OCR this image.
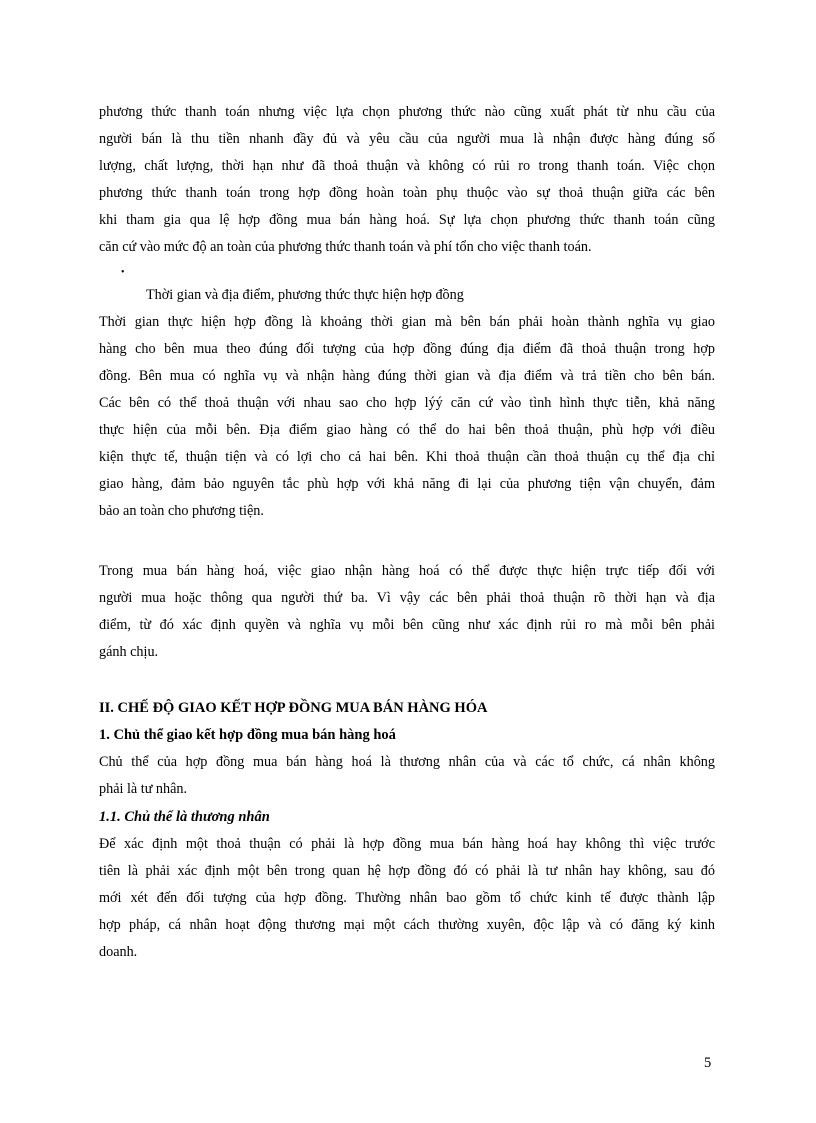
phương thức thanh toán nhưng việc lựa chọn phương thức nào cũng xuất phát từ nhu cầu của
người bán là thu tiền nhanh đầy đủ và yêu cầu của người mua là nhận được hàng đúng số
lượng, chất lượng, thời hạn như đã thoả thuận và không có rủi ro trong thanh toán. Việc chọn
phương thức thanh toán trong hợp đồng hoàn toàn phụ thuộc vào sự thoả thuận giữa các bên
khi tham gia qua lệ hợp đồng mua bán hàng hoá. Sự lựa chọn phương thức thanh toán cũng
căn cứ vào mức độ an toàn của phương thức thanh toán và phí tổn cho việc thanh toán.
•
Thời gian và địa điểm, phương thức thực hiện hợp đồng
Thời gian thực hiện hợp đồng là khoảng thời gian mà bên bán phải hoàn thành nghĩa vụ giao
hàng cho bên mua theo đúng đối tượng của hợp đồng đúng địa điểm đã thoả thuận trong hợp
đồng. Bên mua có nghĩa vụ và nhận hàng đúng thời gian và địa điểm và trả tiền cho bên bán.
Các bên có thể thoả thuận với nhau sao cho hợp lýý căn cứ vào tình hình thực tiễn, khả năng
thực hiện của mỗi bên. Địa điểm giao hàng có thể do hai bên thoả thuận, phù hợp với điều
kiện thực tế, thuận tiện và có lợi cho cả hai bên. Khi thoả thuận cần thoả thuận cụ thể địa chỉ
giao hàng, đảm bảo nguyên tắc phù hợp với khả năng đi lại của phương tiện vận chuyển, đảm
bảo an toàn cho phương tiện.
Trong mua bán hàng hoá, việc giao nhận hàng hoá có thể được thực hiện trực tiếp đối với
người mua hoặc thông qua người thứ ba. Vì vậy các bên phải thoả thuận rõ thời hạn và địa
điểm, từ đó xác định quyền và nghĩa vụ mỗi bên cũng như xác định rủi ro mà mỗi bên phải
gánh chịu.
II. CHẾ ĐỘ GIAO KẾT HỢP ĐỒNG MUA BÁN HÀNG HÓA
1. Chủ thể giao kết hợp đồng mua bán hàng hoá
Chủ thể của hợp đồng mua bán hàng hoá là thương nhân của và các tổ chức, cá nhân không
phải là tư nhân.
1.1. Chủ thể là thương nhân
Để xác định một thoả thuận có phải là hợp đồng mua bán hàng hoá hay không thì việc trước
tiên là phải xác định một bên trong quan hệ hợp đồng đó có phải là tư nhân hay không, sau đó
mới xét đến đối tượng của hợp đồng. Thường nhân bao gồm tổ chức kinh tế được thành lập
hợp pháp, cá nhân hoạt động thương mại một cách thường xuyên, độc lập và có đăng ký kinh
doanh.
5
